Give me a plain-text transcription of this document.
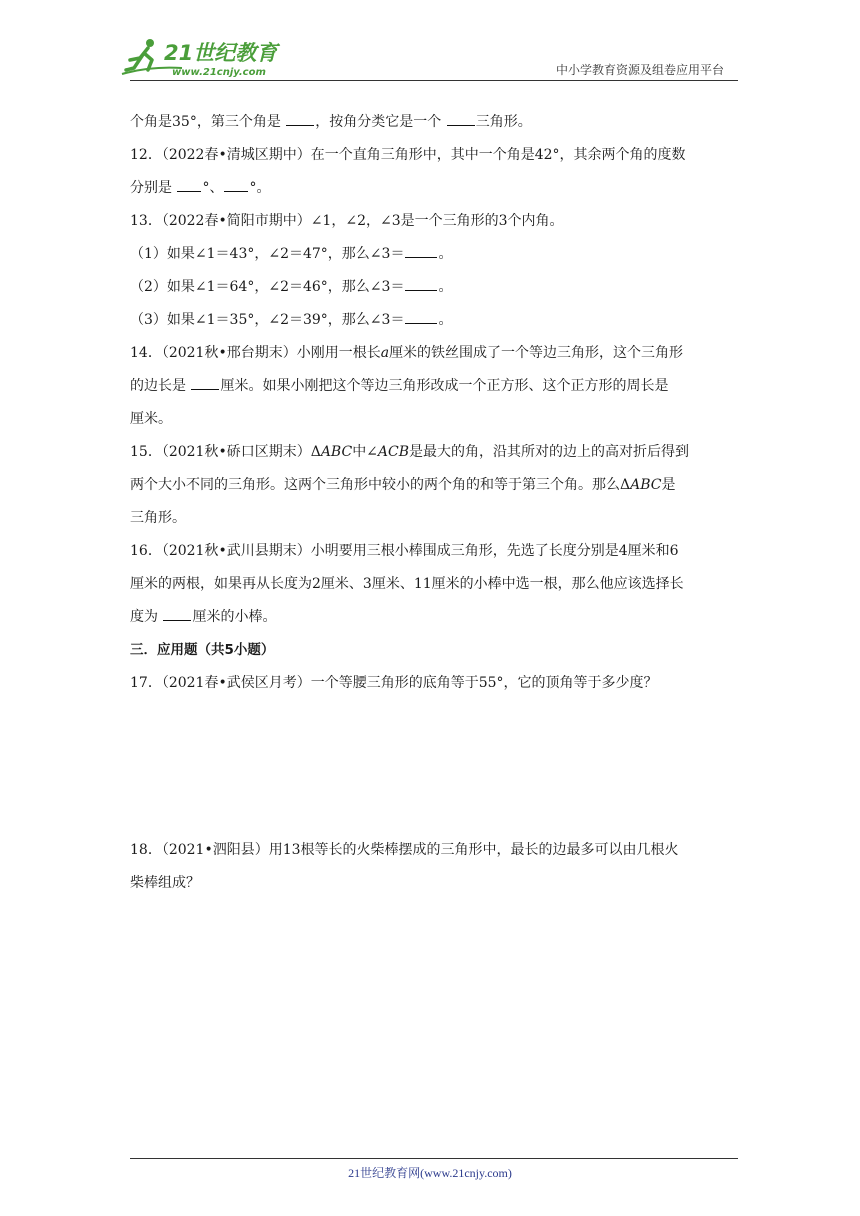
21世纪教育
www.21cnjy.com	中小学教育资源及组卷应用平台
个角是35°，第三个角是 ，按角分类它是一个 三角形。
12．（2022春•清城区期中）在一个直角三角形中，其中一个角是42°，其余两个角的度数
分别是 °、 °。
13．（2022春•简阳市期中）∠1，∠2，∠3是一个三角形的3个内角。
（1）如果∠1＝43°，∠2＝47°，那么∠3＝ 。
（2）如果∠1＝64°，∠2＝46°，那么∠3＝ 。
（3）如果∠1＝35°，∠2＝39°，那么∠3＝ 。
14．（2021秋•邢台期末）小刚用一根长a厘米的铁丝围成了一个等边三角形，这个三角形
的边长是 厘米。如果小刚把这个等边三角形改成一个正方形、这个正方形的周长是
厘米。
15．（2021秋•硚口区期末）ΔABC中∠ACB是最大的角，沿其所对的边上的高对折后得到
两个大小不同的三角形。这两个三角形中较小的两个角的和等于第三个角。那么ΔABC是
三角形。
16．（2021秋•武川县期末）小明要用三根小棒围成三角形，先选了长度分别是4厘米和6
厘米的两根，如果再从长度为2厘米、3厘米、11厘米的小棒中选一根，那么他应该选择长
度为 厘米的小棒。
三．应用题（共5小题）
17．（2021春•武侯区月考）一个等腰三角形的底角等于55°，它的顶角等于多少度？
18．（2021•泗阳县）用13根等长的火柴棒摆成的三角形中，最长的边最多可以由几根火
柴棒组成？
21世纪教育网(www.21cnjy.com)
